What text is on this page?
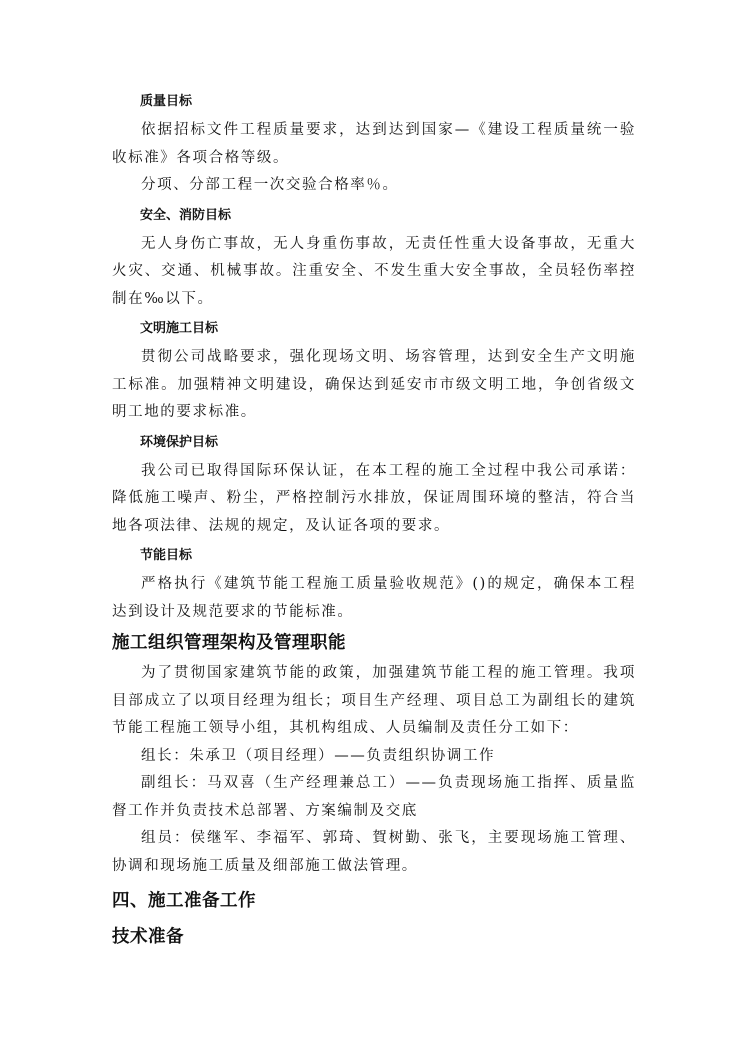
质量目标

依据招标文件工程质量要求，达到达到国家—《建设工程质量统一验收标准》各项合格等级。

分项、分部工程一次交验合格率％。

安全、消防目标

无人身伤亡事故，无人身重伤事故，无责任性重大设备事故，无重大火灾、交通、机械事故。注重安全、不发生重大安全事故，全员轻伤率控制在‰以下。

文明施工目标

贯彻公司战略要求，强化现场文明、场容管理，达到安全生产文明施工标准。加强精神文明建设，确保达到延安市市级文明工地，争创省级文明工地的要求标准。

环境保护目标

我公司已取得国际环保认证，在本工程的施工全过程中我公司承诺：降低施工噪声、粉尘，严格控制污水排放，保证周围环境的整洁，符合当地各项法律、法规的规定，及认证各项的要求。

节能目标

严格执行《建筑节能工程施工质量验收规范》()的规定，确保本工程达到设计及规范要求的节能标准。

施工组织管理架构及管理职能

为了贯彻国家建筑节能的政策，加强建筑节能工程的施工管理。我项目部成立了以项目经理为组长；项目生产经理、项目总工为副组长的建筑节能工程施工领导小组，其机构组成、人员编制及责任分工如下：

组长：朱承卫（项目经理）——负责组织协调工作

副组长：马双喜（生产经理兼总工）——负责现场施工指挥、质量监督工作并负责技术总部署、方案编制及交底

组员：侯继军、李福军、郭琦、賀树勤、张飞，主要现场施工管理、协调和现场施工质量及细部施工做法管理。

四、施工准备工作
技术准备
